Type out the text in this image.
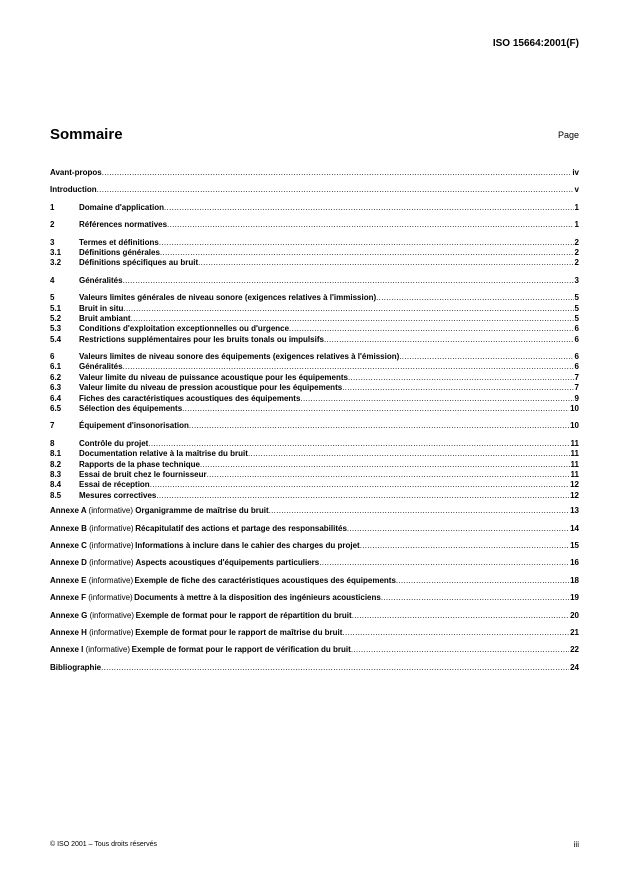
ISO 15664:2001(F)
Sommaire	Page
Avant-propos .....	iv
Introduction .....	v
1	Domaine d'application .....	1
2	Références normatives .....	1
3	Termes et définitions .....	2
3.1	Définitions générales .....	2
3.2	Définitions spécifiques au bruit .....	2
4	Généralités .....	3
5	Valeurs limites générales de niveau sonore (exigences relatives à l'immission) .....	5
5.1	Bruit in situ .....	5
5.2	Bruit ambiant .....	5
5.3	Conditions d'exploitation exceptionnelles ou d'urgence .....	6
5.4	Restrictions supplémentaires pour les bruits tonals ou impulsifs .....	6
6	Valeurs limites de niveau sonore des équipements (exigences relatives à l'émission) .....	6
6.1	Généralités .....	6
6.2	Valeur limite du niveau de puissance acoustique pour les équipements .....	7
6.3	Valeur limite du niveau de pression acoustique pour les équipements .....	7
6.4	Fiches des caractéristiques acoustiques des équipements .....	9
6.5	Sélection des équipements .....	10
7	Équipement d'insonorisation .....	10
8	Contrôle du projet .....	11
8.1	Documentation relative à la maîtrise du bruit .....	11
8.2	Rapports de la phase technique .....	11
8.3	Essai de bruit chez le fournisseur .....	11
8.4	Essai de réception .....	12
8.5	Mesures correctives .....	12
Annexe A (informative) Organigramme de maîtrise du bruit .....	13
Annexe B (informative) Récapitulatif des actions et partage des responsabilités .....	14
Annexe C (informative) Informations à inclure dans le cahier des charges du projet .....	15
Annexe D (informative) Aspects acoustiques d'équipements particuliers .....	16
Annexe E (informative) Exemple de fiche des caractéristiques acoustiques des équipements .....	18
Annexe F (informative) Documents à mettre à la disposition des ingénieurs acousticiens .....	19
Annexe G (informative) Exemple de format pour le rapport de répartition du bruit .....	20
Annexe H (informative) Exemple de format pour le rapport de maîtrise du bruit .....	21
Annexe I (informative) Exemple de format pour le rapport de vérification du bruit .....	22
Bibliographie .....	24
© ISO 2001 – Tous droits réservés	iii
